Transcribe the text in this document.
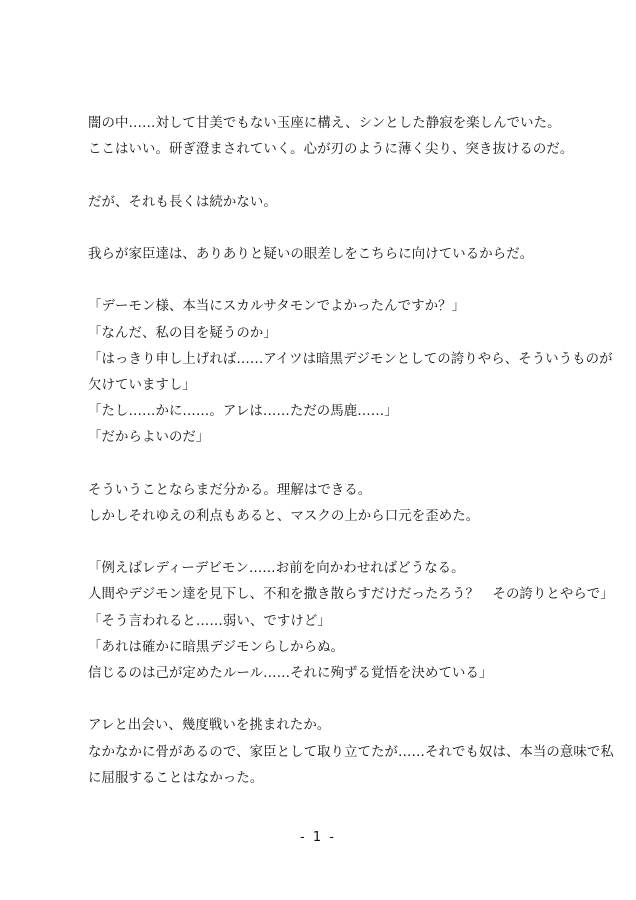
闇の中……対して甘美でもない玉座に構え、シンとした静寂を楽しんでいた。
ここはいい。研ぎ澄まされていく。心が刃のように薄く尖り、突き抜けるのだ。
だが、それも長くは続かない。
我らが家臣達は、ありありと疑いの眼差しをこちらに向けているからだ。
「デーモン様、本当にスカルサタモンでよかったんですか？」
「なんだ、私の目を疑うのか」
「はっきり申し上げれば……アイツは暗黒デジモンとしての誇りやら、そういうものが
欠けていますし」
「たし……かに……。アレは……ただの馬鹿……」
「だからよいのだ」
そういうことならまだ分かる。理解はできる。
しかしそれゆえの利点もあると、マスクの上から口元を歪めた。
「例えばレディーデビモン……お前を向かわせればどうなる。
人間やデジモン達を見下し、不和を撒き散らすだけだったろう？　その誇りとやらで」
「そう言われると……弱い、ですけど」
「あれは確かに暗黒デジモンらしからぬ。
信じるのは己が定めたルール……それに殉ずる覚悟を決めている」
アレと出会い、幾度戦いを挑まれたか。
なかなかに骨があるので、家臣として取り立てたが……それでも奴は、本当の意味で私
に屈服することはなかった。
- 1 -
